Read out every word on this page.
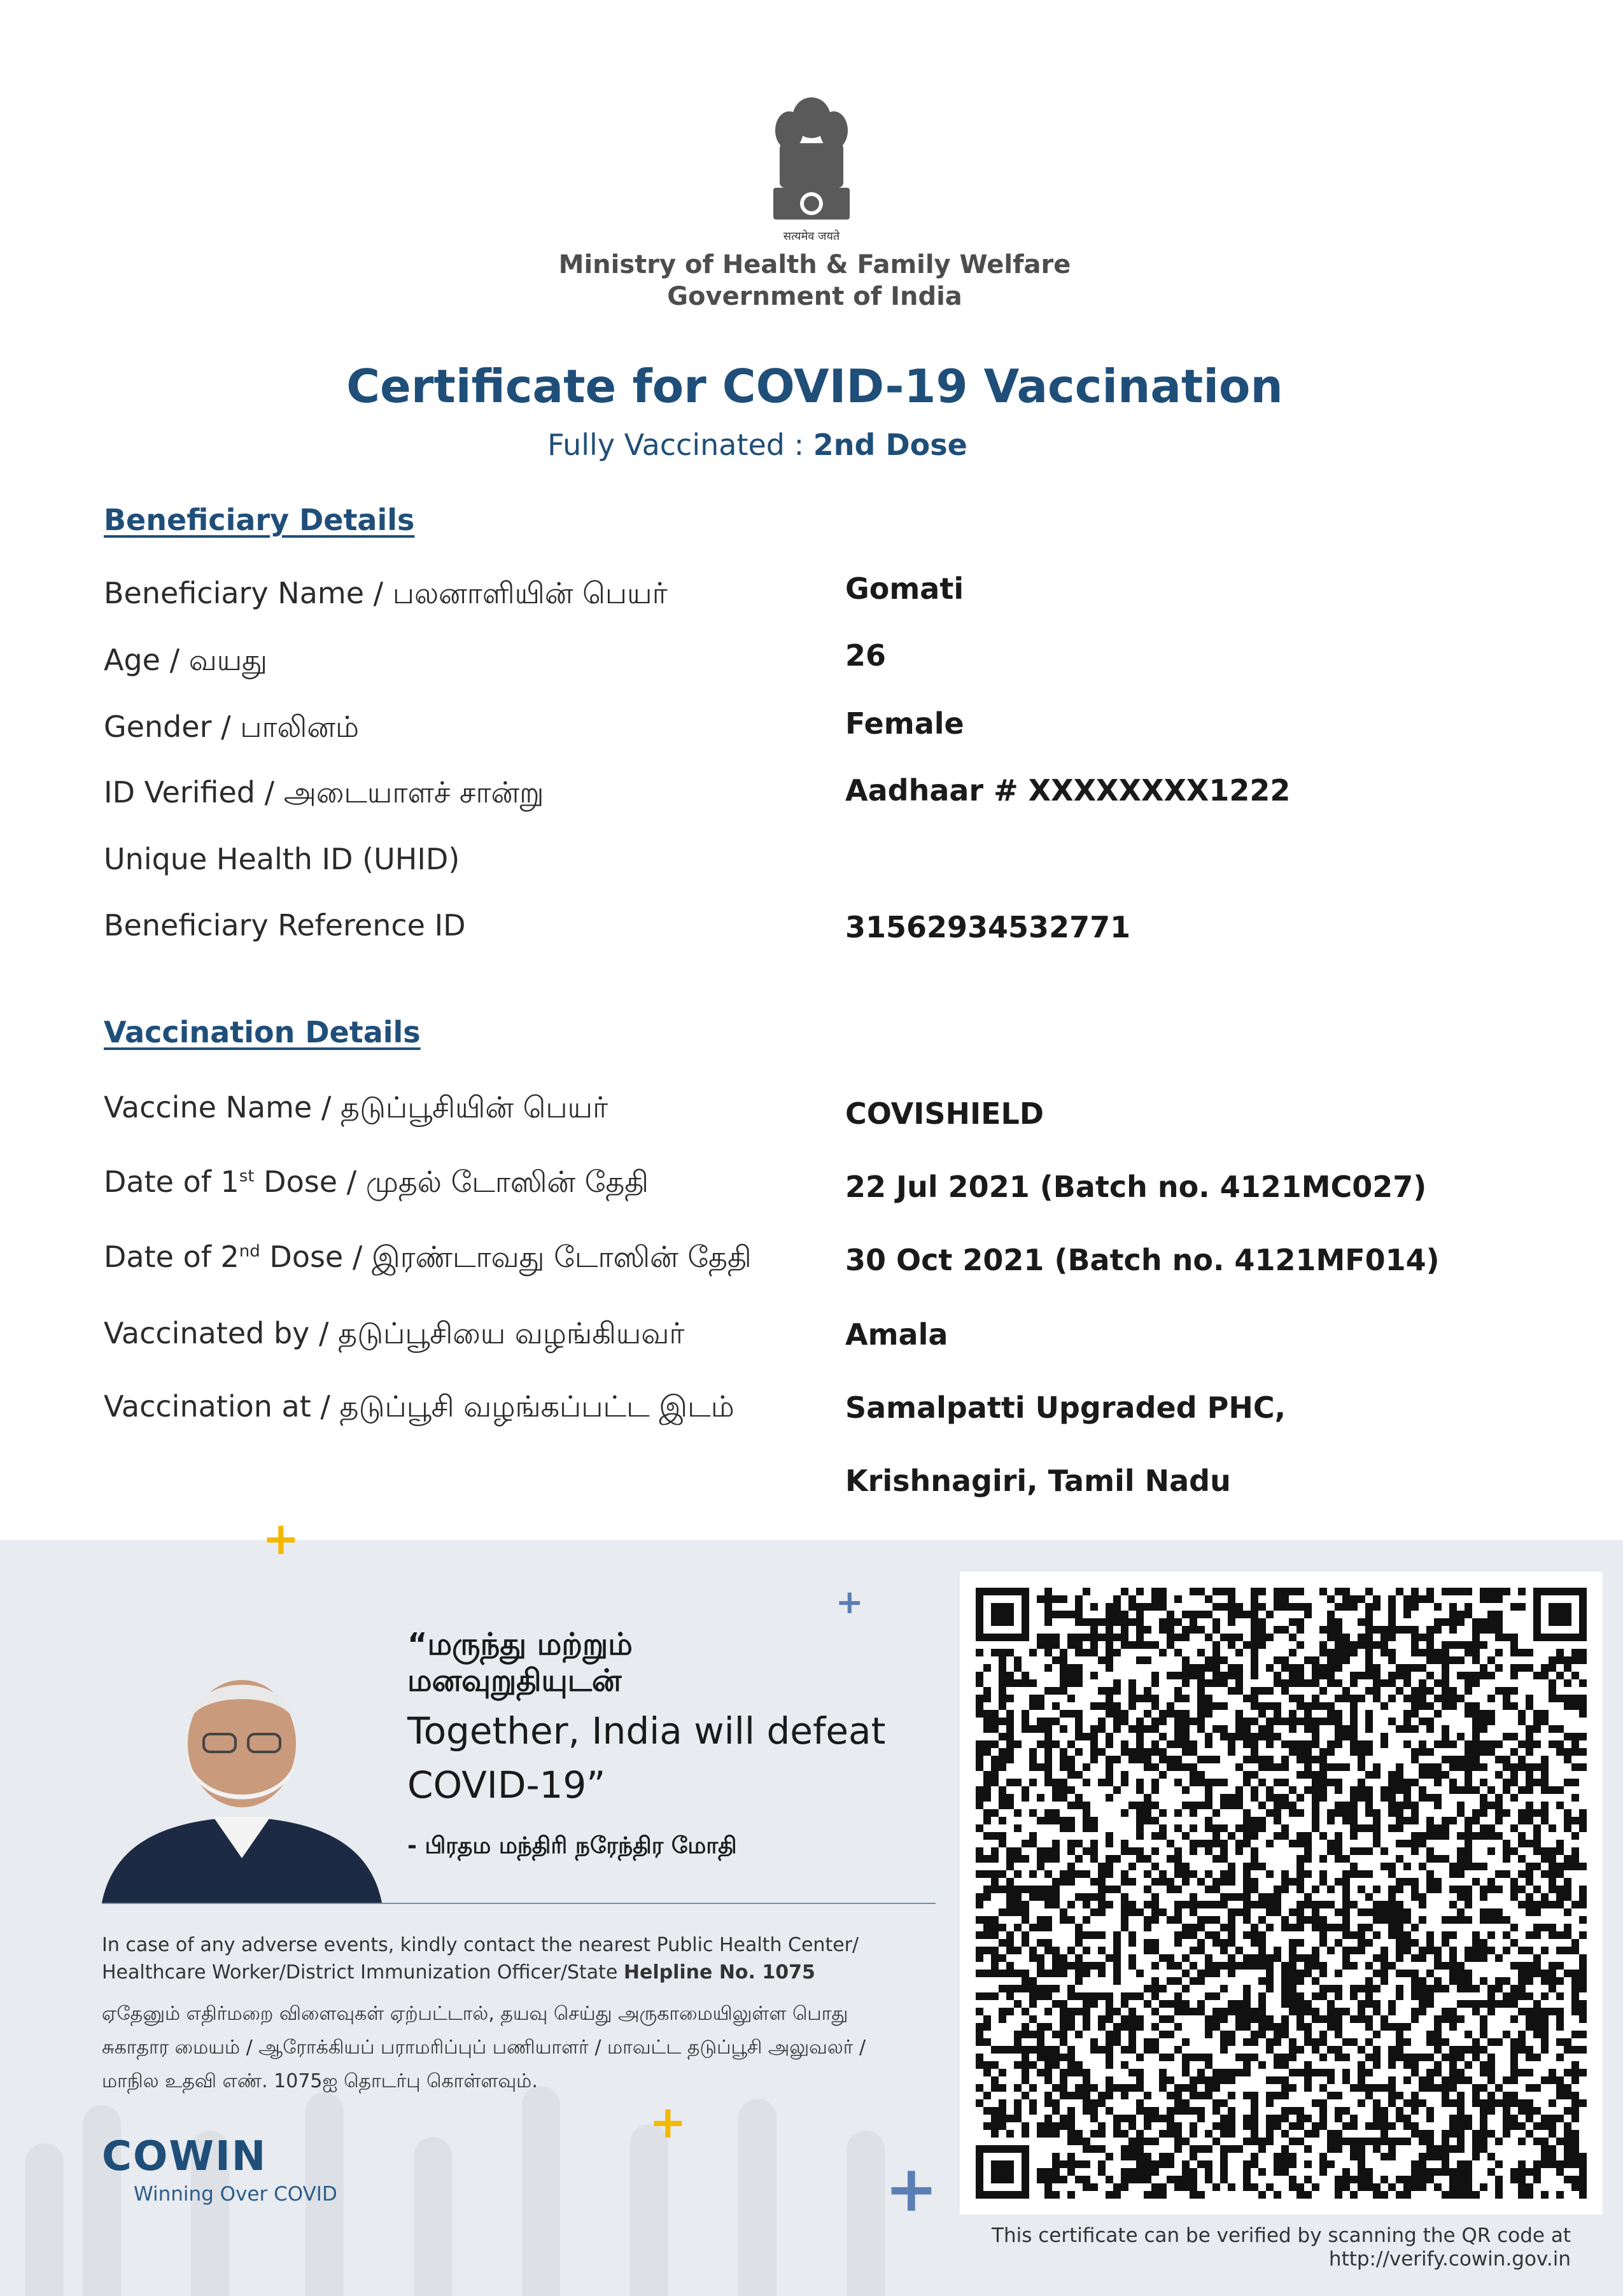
सत्यमेव जयते
Ministry of Health & Family Welfare
Government of India
Certificate for COVID-19 Vaccination
Fully Vaccinated : 2nd Dose
Beneficiary Details
Beneficiary Name / பலனாளியின் பெயர்	Gomati
Age / வயது	26
Gender / பாலினம்	Female
ID Verified / அடையாளச் சான்று	Aadhaar # XXXXXXXX1222
Unique Health ID (UHID)
Beneficiary Reference ID	31562934532771
Vaccination Details
Vaccine Name / தடுப்பூசியின் பெயர்	COVISHIELD
Date of 1st Dose / முதல் டோஸின் தேதி	22 Jul 2021 (Batch no. 4121MC027)
Date of 2nd Dose / இரண்டாவது டோஸின் தேதி	30 Oct 2021 (Batch no. 4121MF014)
Vaccinated by / தடுப்பூசியை வழங்கியவர்	Amala
Vaccination at / தடுப்பூசி வழங்கப்பட்ட இடம்	Samalpatti Upgraded PHC,
Krishnagiri, Tamil Nadu
+
+
+
+
“மருந்து மற்றும்
மனவுறுதியுடன்
Together, India will defeat
COVID-19”
- பிரதம மந்திரி நரேந்திர மோதி
In case of any adverse events, kindly contact the nearest Public Health Center/
Healthcare Worker/District Immunization Officer/State Helpline No. 1075
ஏதேனும் எதிர்மறை விளைவுகள் ஏற்பட்டால், தயவு செய்து அருகாமையிலுள்ள பொது
சுகாதார மையம் / ஆரோக்கியப் பராமரிப்புப் பணியாளர் / மாவட்ட தடுப்பூசி அலுவலர் /
மாநில உதவி எண். 1075ஐ தொடர்பு கொள்ளவும்.
COWIN
Winning Over COVID
This certificate can be verified by scanning the QR code at
http://verify.cowin.gov.in
